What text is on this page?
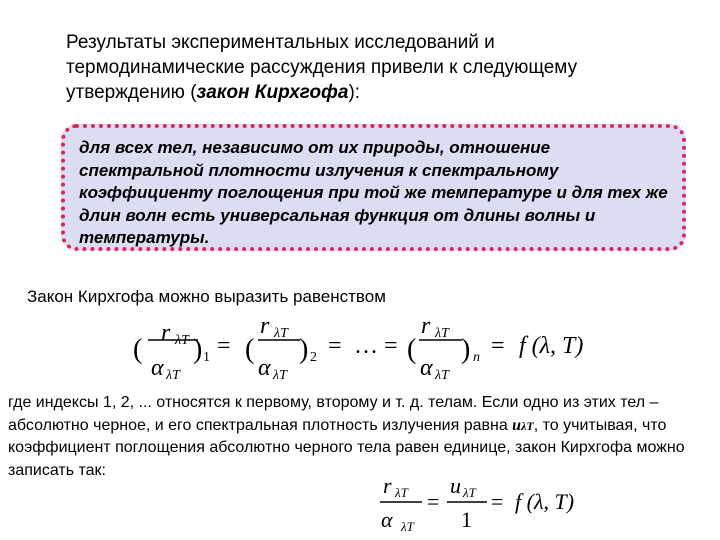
Результаты экспериментальных исследований и термодинамические рассуждения привели к следующему утверждению (закон Кирхгофа):
для всех тел, независимо от их природы, отношение спектральной плотности излучения к спектральному коэффициенту поглощения при той же температуре и для тех же длин волн есть универсальная функция от длины волны и температуры.
Закон Кирхгофа можно выразить равенством
(
r λT
α λT
) 1 = (
r λT
α λT
) 2 = … = (
r λT
α λT
) n = f (λ, T)
где индексы 1, 2, ... относятся к первому, второму и т. д. телам. Если одно из этих тел – абсолютно черное, и его спектральная плотность излучения равна uλT, то учитывая, что коэффициент поглощения абсолютно черного тела равен единице, закон Кирхгофа можно записать так:
r λT
α λT
=
u λT
1
= f (λ, T)
